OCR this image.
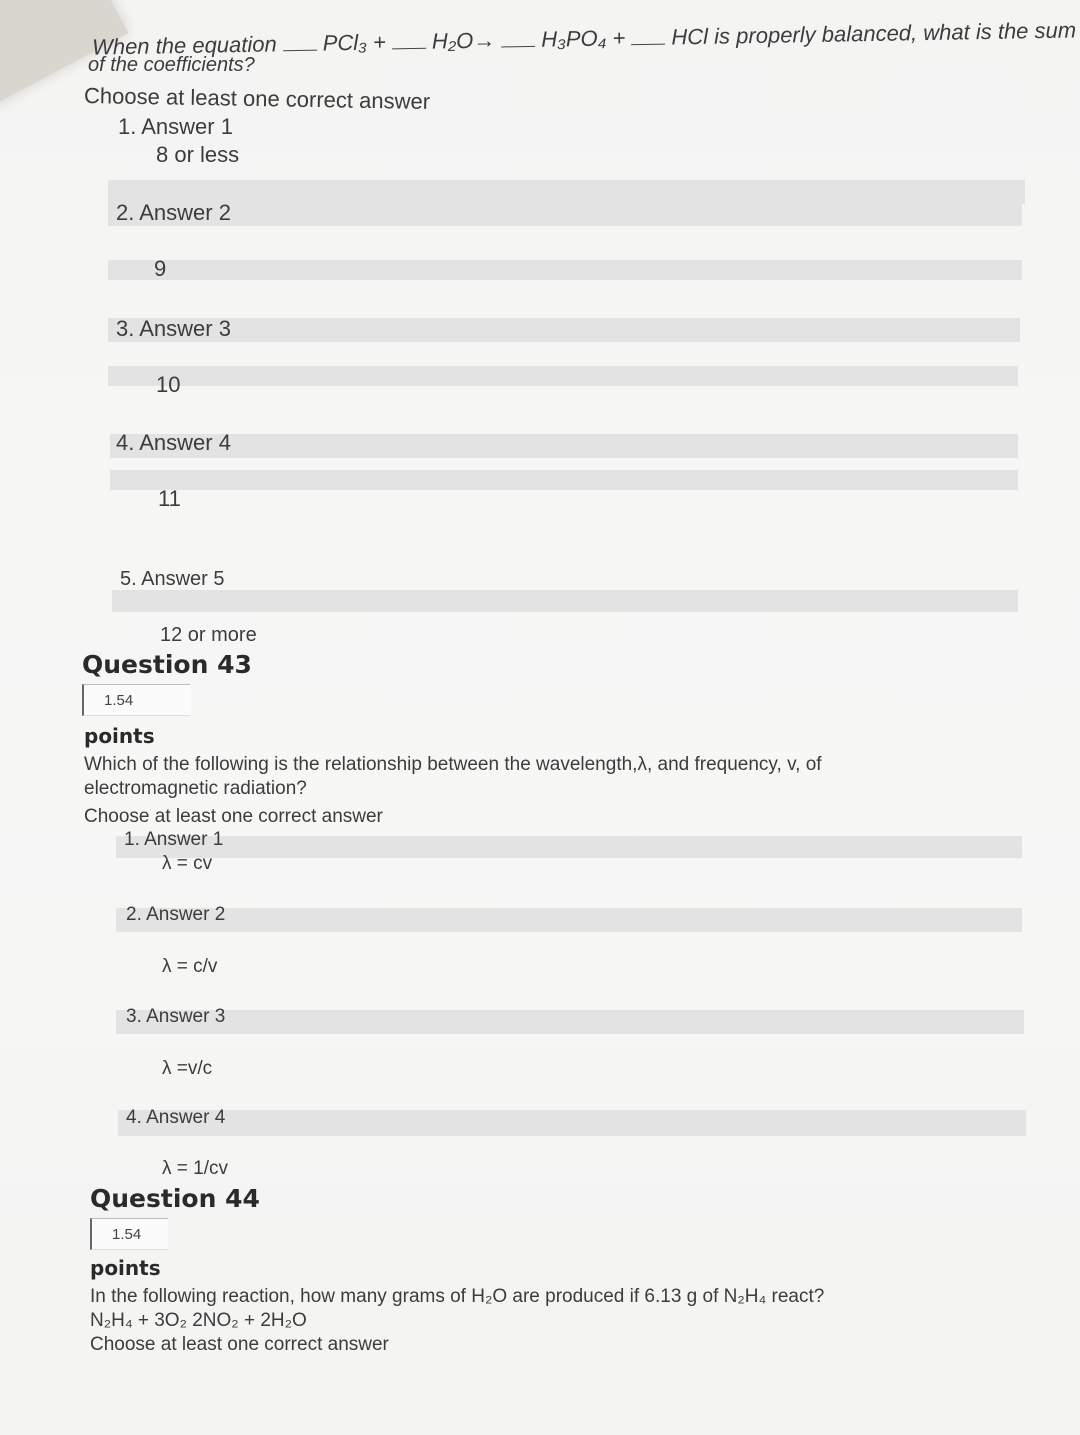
When the equation PCl₃ + H₂O→ H₃PO₄ + HCl is properly balanced, what is the sum
of the coefficients?
Choose at least one correct answer
1. Answer 1
8 or less
2. Answer 2
9
3. Answer 3
10
4. Answer 4
11
5. Answer 5
12 or more
Question 43
1.54
points
Which of the following is the relationship between the wavelength,λ, and frequency, v, of
electromagnetic radiation?
Choose at least one correct answer
1. Answer 1
λ = cv
2. Answer 2
λ = c/v
3. Answer 3
λ =v/c
4. Answer 4
λ = 1/cv
Question 44
1.54
points
In the following reaction, how many grams of H₂O are produced if 6.13 g of N₂H₄ react?
N₂H₄ + 3O₂ 2NO₂ + 2H₂O
Choose at least one correct answer
